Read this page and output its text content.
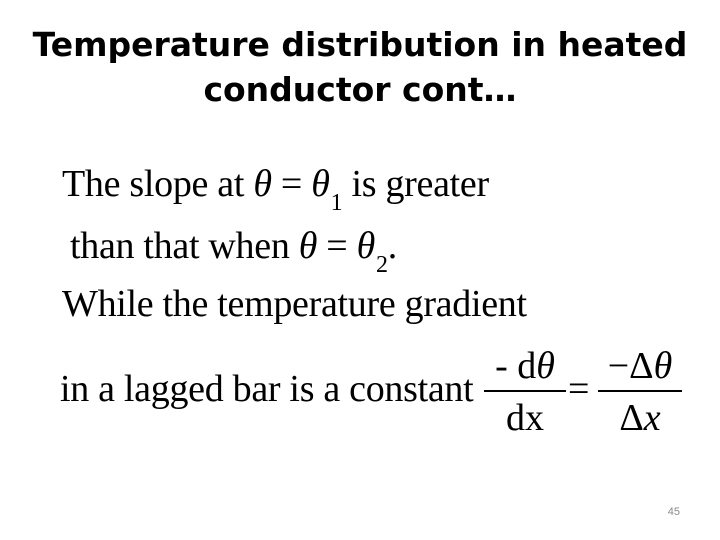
Temperature distribution in heated
conductor cont…
The slope at $\theta = \theta_1$ is greater
than that when $\theta = \theta_2$.
While the temperature gradient
in a lagged bar is a constant
- dθ
dx
=
−Δθ
Δx
45
